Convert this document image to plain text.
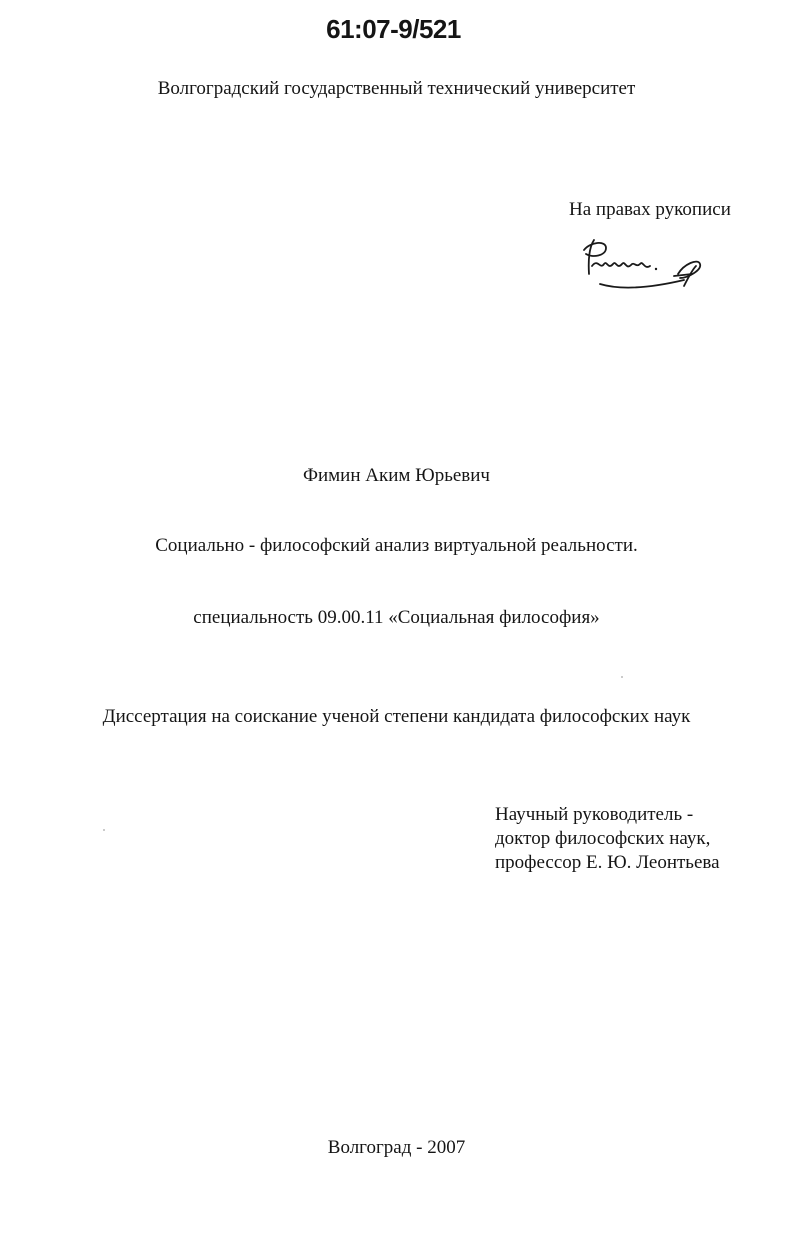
61:07-9/521
Волгоградский государственный технический университет
На правах рукописи
Фимин Аким Юрьевич
Социально - философский анализ виртуальной реальности.
специальность 09.00.11 «Социальная философия»
Диссертация на соискание ученой степени кандидата философских наук
Научный руководитель -
доктор философских наук,
профессор Е. Ю. Леонтьева
Волгоград - 2007
